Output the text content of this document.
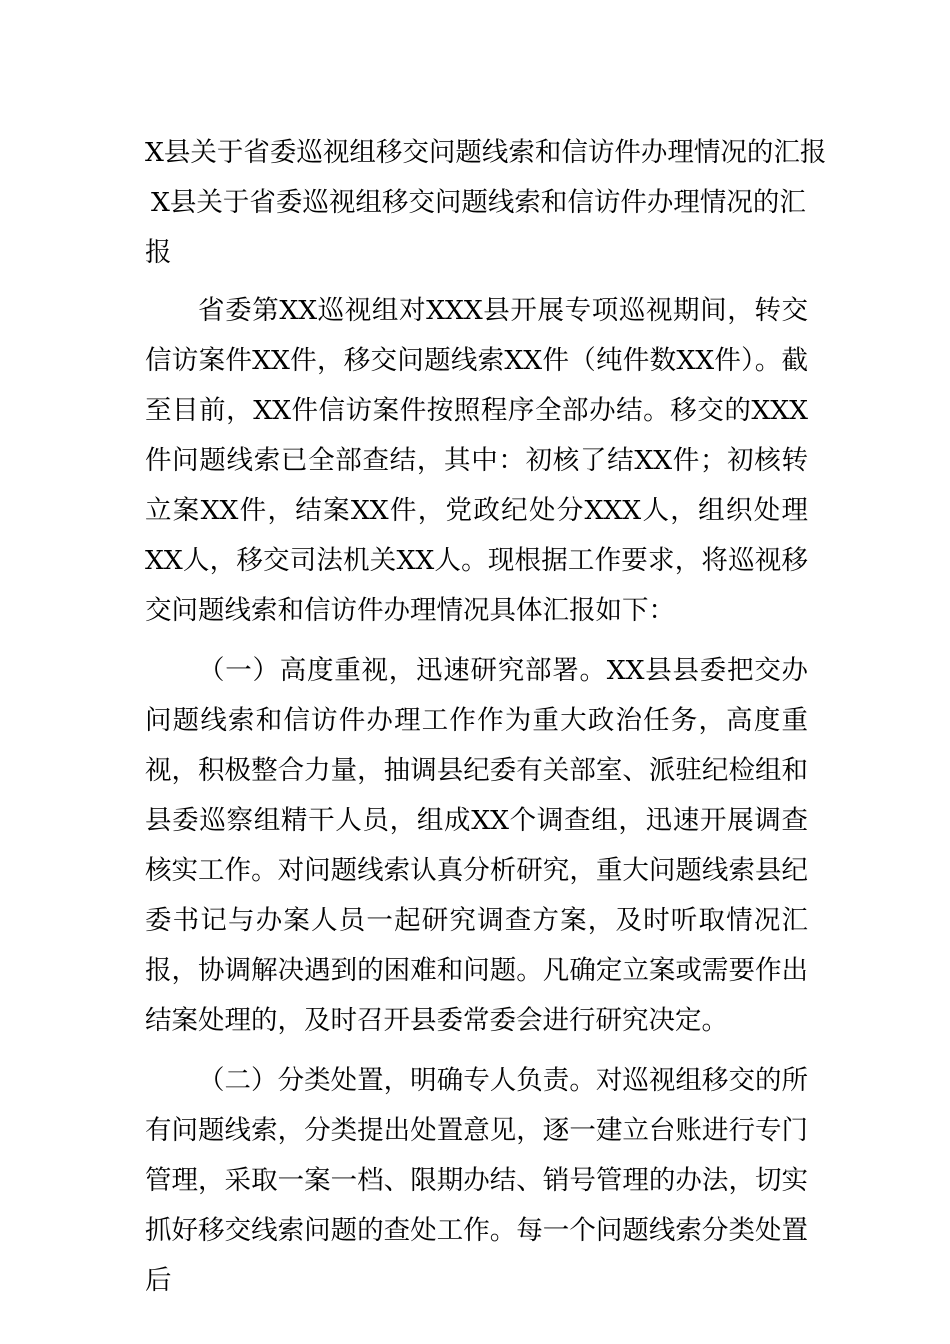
X县关于省委巡视组移交问题线索和信访件办理情况的汇报

X县关于省委巡视组移交问题线索和信访件办理情况的汇报

省委第XX巡视组对XXX县开展专项巡视期间，转交信访案件XX件，移交问题线索XX件（纯件数XX件）。截至目前，XX件信访案件按照程序全部办结。移交的XXX件问题线索已全部查结，其中：初核了结XX件；初核转立案XX件，结案XX件，党政纪处分XXX人，组织处理XX人，移交司法机关XX人。现根据工作要求，将巡视移交问题线索和信访件办理情况具体汇报如下：

（一）高度重视，迅速研究部署。XX县县委把交办问题线索和信访件办理工作作为重大政治任务，高度重视，积极整合力量，抽调县纪委有关部室、派驻纪检组和县委巡察组精干人员，组成XX个调查组，迅速开展调查核实工作。对问题线索认真分析研究，重大问题线索县纪委书记与办案人员一起研究调查方案，及时听取情况汇报，协调解决遇到的困难和问题。凡确定立案或需要作出结案处理的，及时召开县委常委会进行研究决定。

（二）分类处置，明确专人负责。对巡视组移交的所有问题线索，分类提出处置意见，逐一建立台账进行专门管理，采取一案一档、限期办结、销号管理的办法，切实抓好移交线索问题的查处工作。每一个问题线索分类处置后
